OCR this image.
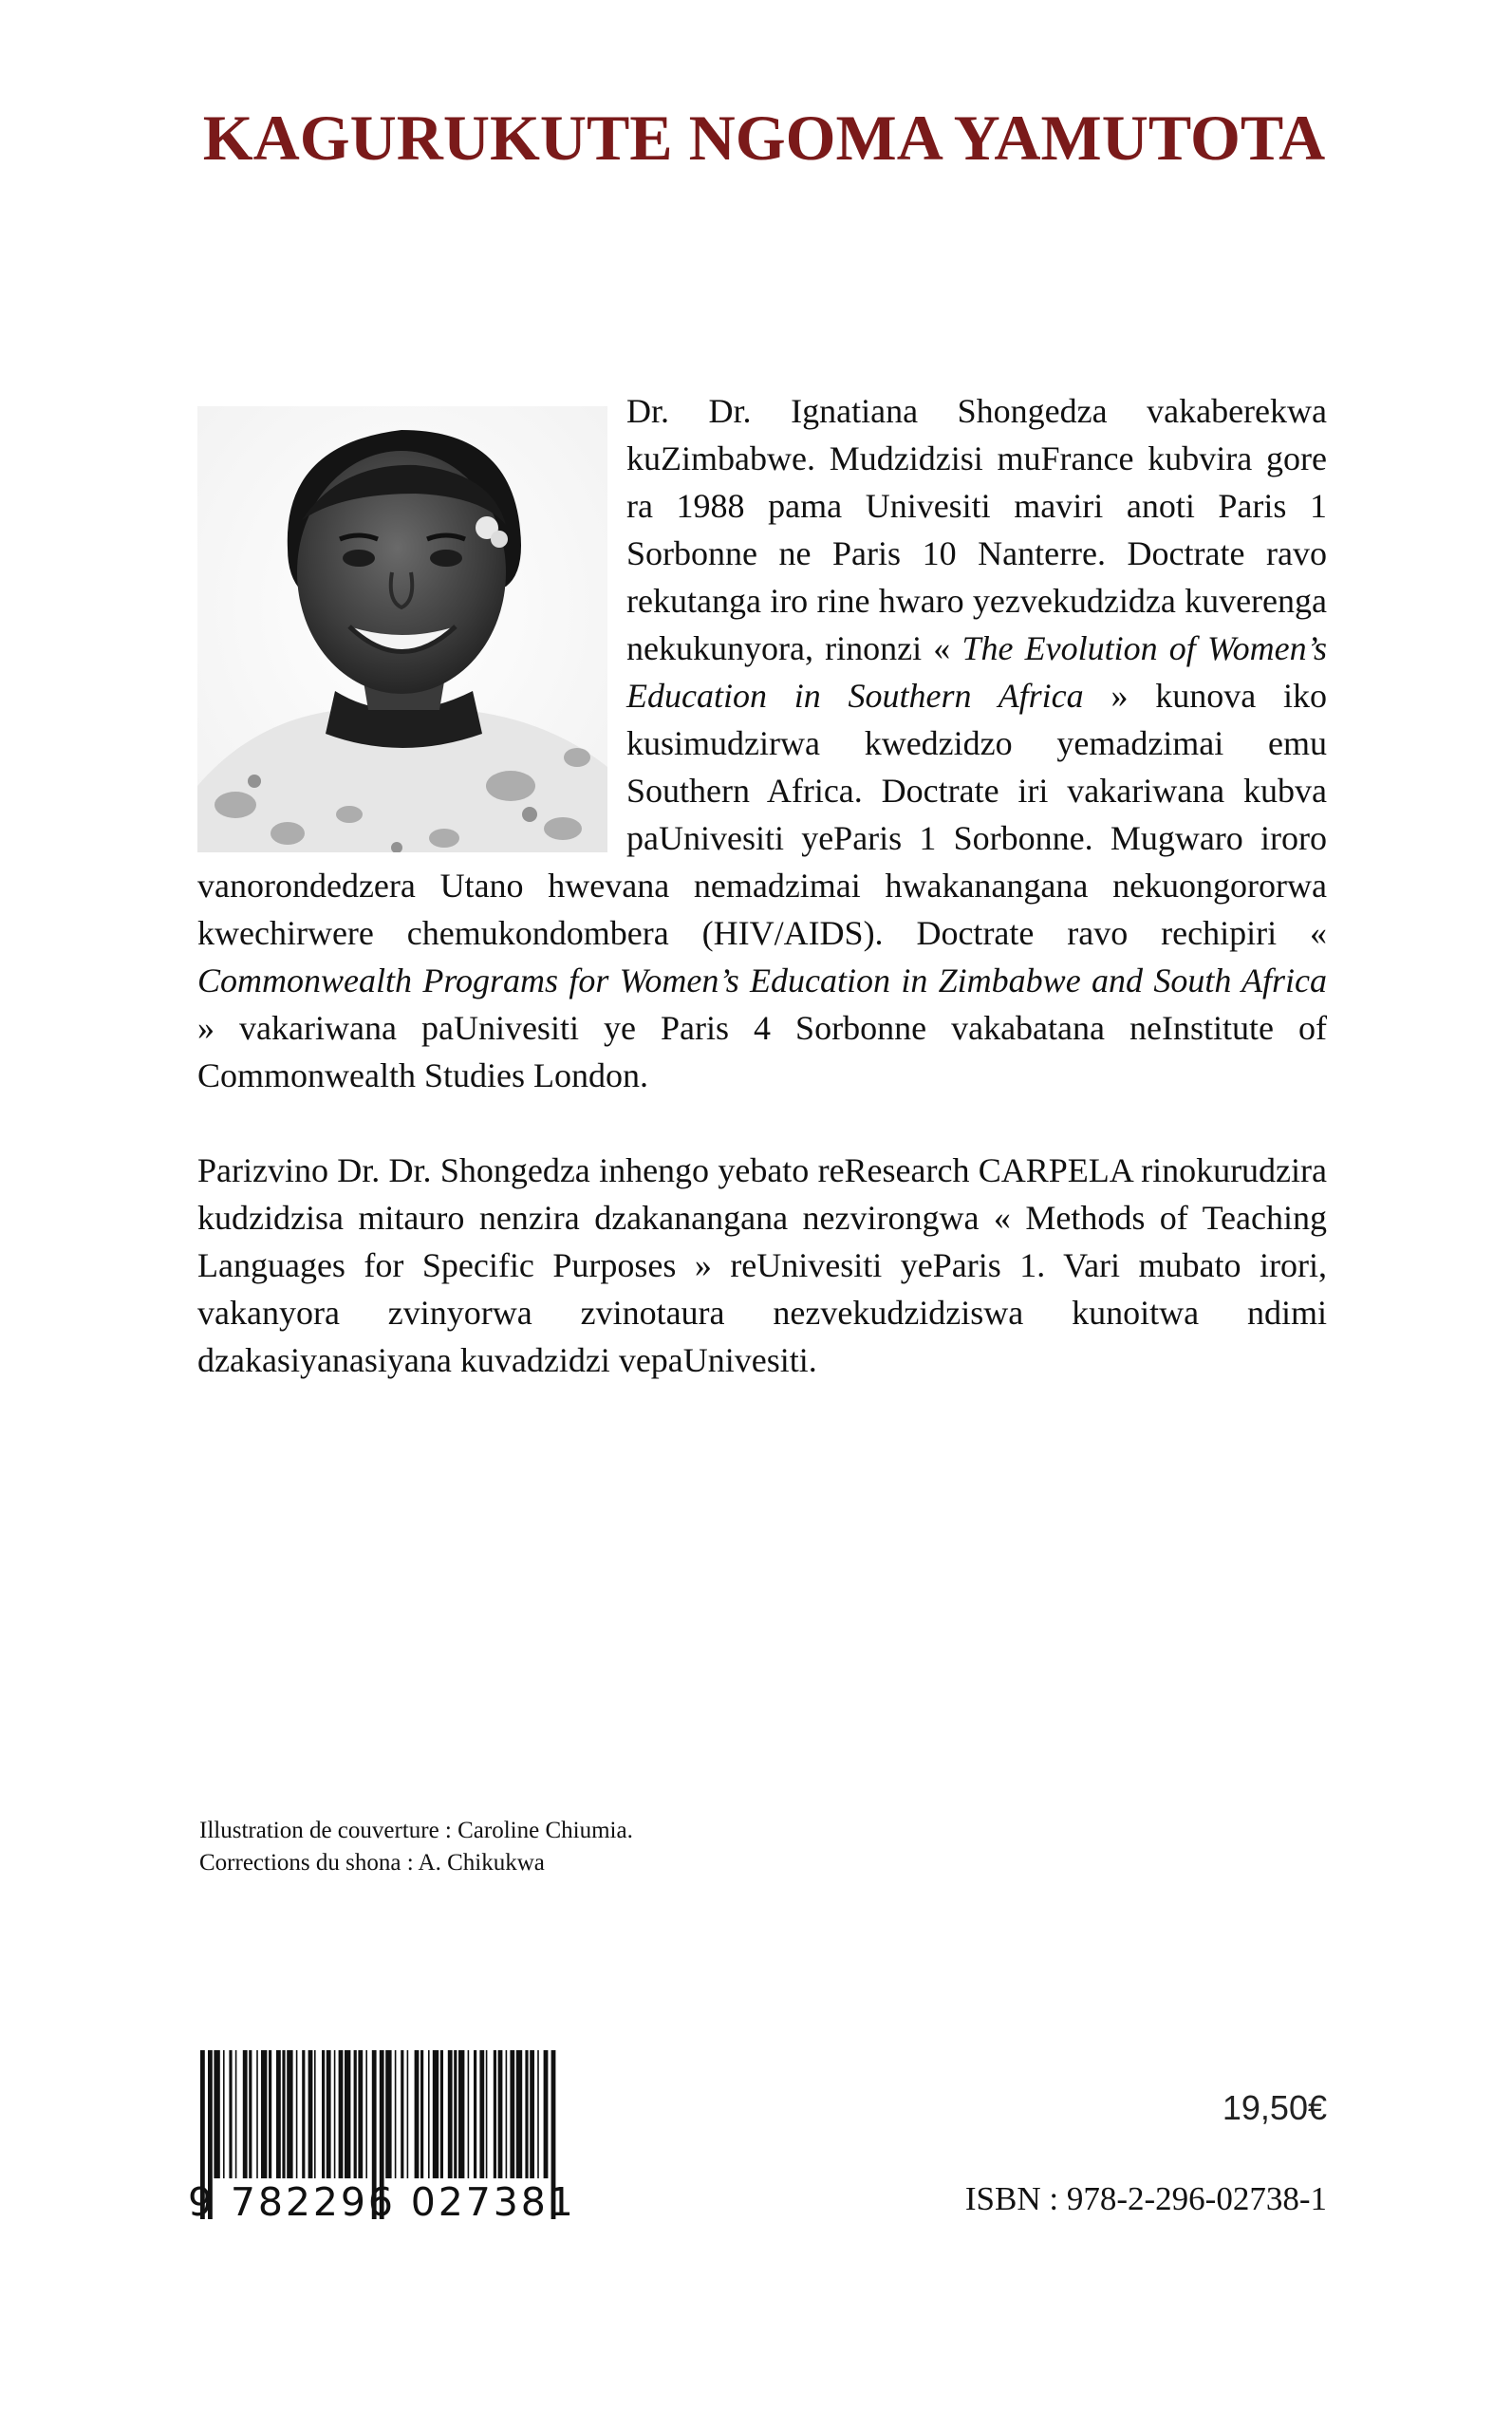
KAGURUKUTE NGOMA YAMUTOTA

Dr. Dr. Ignatiana Shongedza vakaberekwa kuZimbabwe. Mudzidzisi muFrance kubvira gore ra 1988 pama Univesiti maviri anoti Paris 1 Sorbonne ne Paris 10 Nanterre. Doctrate ravo rekutanga iro rine hwaro yezvekudzidza kuverenga nekukunyora, rinonzi « The Evolution of Women’s Education in Southern Africa » kunova iko kusimudzirwa kwedzidzo yemadzimai emu Southern Africa. Doctrate iri vakariwana kubva paUnivesiti yeParis 1 Sorbonne. Mugwaro iroro vanorondedzera Utano hwevana nemadzimai hwakanangana nekuongororwa kwechirwere chemukondombera (HIV/AIDS). Doctrate ravo rechipiri « Commonwealth Programs for Women’s Education in Zimbabwe and South Africa » vakariwana paUnivesiti ye Paris 4 Sorbonne vakabatana neInstitute of Commonwealth Studies London.

Parizvino Dr. Dr. Shongedza inhengo yebato reResearch CARPELA rinokurudzira kudzidzisa mitauro nenzira dzakanangana nezvirongwa « Methods of Teaching Languages for Specific Purposes » reUnivesiti yeParis 1. Vari mubato irori, vakanyora zvinyorwa zvinotaura nezvekudzidziswa kunoitwa ndimi dzakasiyanasiyana kuvadzidzi vepaUnivesiti.

Illustration de couverture : Caroline Chiumia.
Corrections du shona : A. Chikukwa
9 782296 027381
19,50€
ISBN : 978-2-296-02738-1
